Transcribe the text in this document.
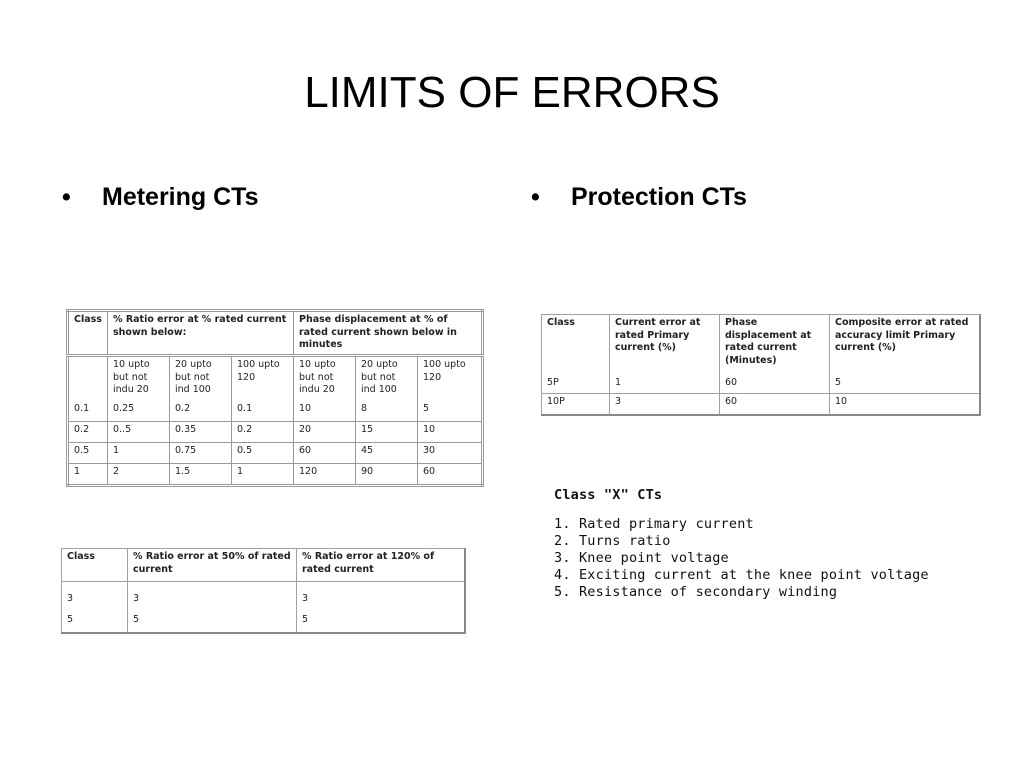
LIMITS OF ERRORS
• Metering CTs	• Protection CTs
Class	% Ratio error at % rated current shown below:			Phase displacement at % of rated current shown below in minutes		
	10 upto but not indu 20	20 upto but not ind 100	100 upto 120	10 upto but not indu 20	20 upto but not ind 100	100 upto 120
0.1	0.25	0.2	0.1	10	8	5
0.2	0..5	0.35	0.2	20	15	10
0.5	1	0.75	0.5	60	45	30
1	2	1.5	1	120	90	60
Class	% Ratio error at 50% of rated current	% Ratio error at 120% of rated current
3	3	3
5	5	5
Class	Current error at rated Primary current (%)	Phase displacement at rated current (Minutes)	Composite error at rated accuracy limit Primary current (%)
5P	1	60	5
10P	3	60	10
Class "X" CTs
1. Rated primary current
2. Turns ratio
3. Knee point voltage
4. Exciting current at the knee point voltage
5. Resistance of secondary winding
